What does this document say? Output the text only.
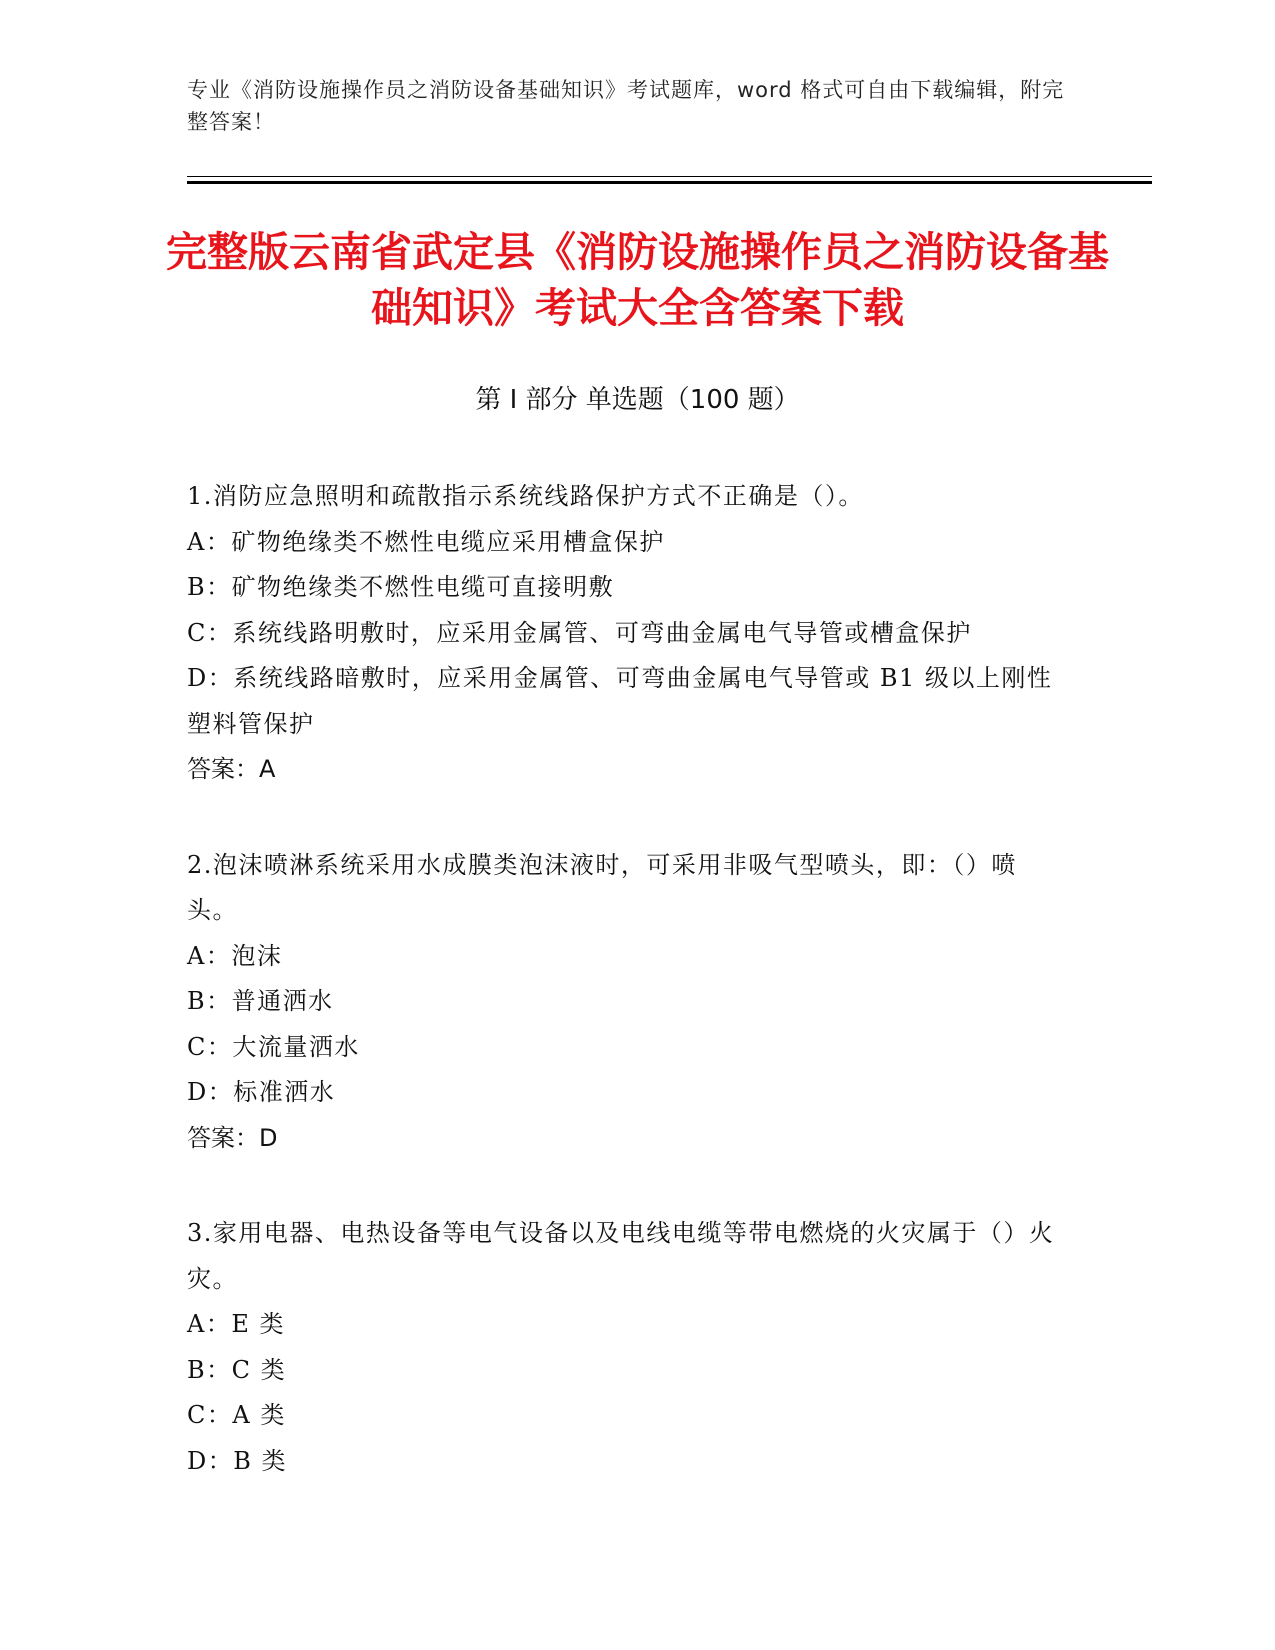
专业《消防设施操作员之消防设备基础知识》考试题库，word 格式可自由下载编辑，附完整答案！
完整版云南省武定县《消防设施操作员之消防设备基础知识》考试大全含答案下载
第 I 部分 单选题（100 题）
1.消防应急照明和疏散指示系统线路保护方式不正确是（）。
A：矿物绝缘类不燃性电缆应采用槽盒保护
B：矿物绝缘类不燃性电缆可直接明敷
C：系统线路明敷时，应采用金属管、可弯曲金属电气导管或槽盒保护
D：系统线路暗敷时，应采用金属管、可弯曲金属电气导管或 B1 级以上刚性塑料管保护
答案：A
2.泡沫喷淋系统采用水成膜类泡沫液时，可采用非吸气型喷头，即：（）喷头。
A：泡沫
B：普通洒水
C：大流量洒水
D：标准洒水
答案：D
3.家用电器、电热设备等电气设备以及电线电缆等带电燃烧的火灾属于（）火灾。
A：E 类
B：C 类
C：A 类
D：B 类
